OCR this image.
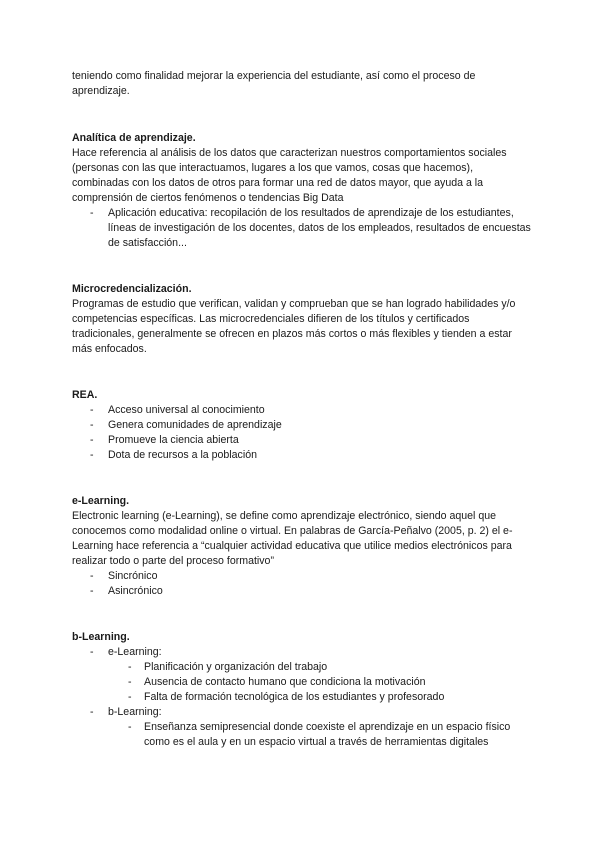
teniendo como finalidad mejorar la experiencia del estudiante, así como el proceso de aprendizaje.

Analítica de aprendizaje.

Hace referencia al análisis de los datos que caracterizan nuestros comportamientos sociales (personas con las que interactuamos, lugares a los que vamos, cosas que hacemos), combinadas con los datos de otros para formar una red de datos mayor, que ayuda a la comprensión de ciertos fenómenos o tendencias Big Data

- Aplicación educativa: recopilación de los resultados de aprendizaje de los estudiantes, líneas de investigación de los docentes, datos de los empleados, resultados de encuestas de satisfacción...
Microcredencialización.

Programas de estudio que verifican, validan y comprueban que se han logrado habilidades y/o competencias específicas. Las microcredenciales difieren de los títulos y certificados tradicionales, generalmente se ofrecen en plazos más cortos o más flexibles y tienden a estar más enfocados.

REA.
- Acceso universal al conocimiento
- Genera comunidades de aprendizaje
- Promueve la ciencia abierta
- Dota de recursos a la población
e-Learning.

Electronic learning (e-Learning), se define como aprendizaje electrónico, siendo aquel que conocemos como modalidad online o virtual. En palabras de García-Peñalvo (2005, p. 2) el e-Learning hace referencia a “cualquier actividad educativa que utilice medios electrónicos para realizar todo o parte del proceso formativo”

- Sincrónico
- Asincrónico
b-Learning.
- e-Learning:
- Planificación y organización del trabajo
- Ausencia de contacto humano que condiciona la motivación
- Falta de formación tecnológica de los estudiantes y profesorado
- b-Learning:
- Enseñanza semipresencial donde coexiste el aprendizaje en un espacio físico como es el aula y en un espacio virtual a través de herramientas digitales
